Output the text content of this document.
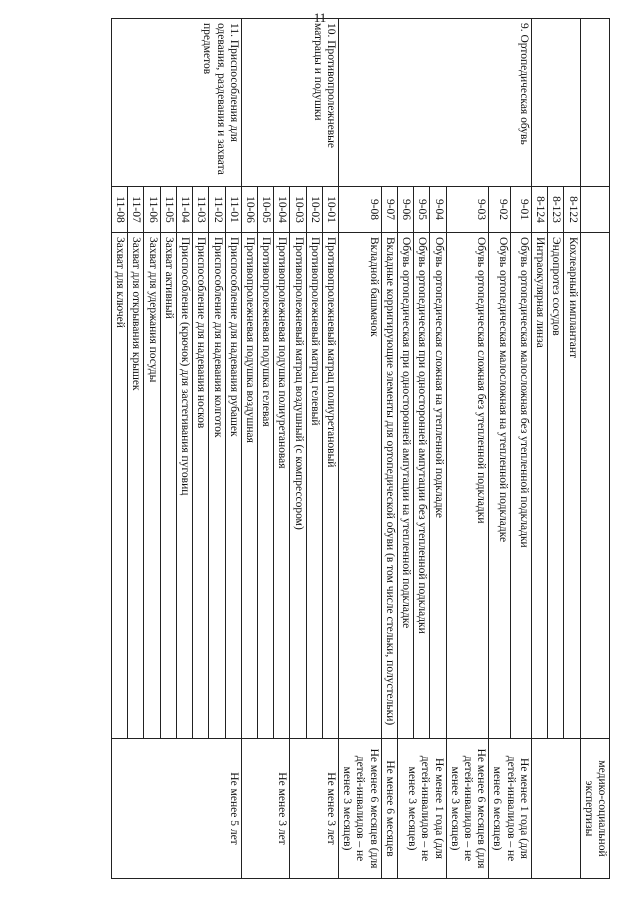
11
			медико-социальной экспертизы
	8-122	Кохлеарный имплантант	
	8-123	Эндопротез сосудов	
	8-124	Интраокулярная линза	
9. Ортопедическая обувь	9-01	Обувь ортопедическая малосложная без утепленной подкладки	Не менее 1 года (для детей-инвалидов – не менее 6 месяцев)
	9-02	Обувь ортопедическая малосложная на утепленной подкладке	
	9-03	Обувь ортопедическая сложная без утепленной подкладки	Не менее 6 месяцев (для детей-инвалидов – не менее 3 месяцев)
	9-04	Обувь ортопедическая сложная на утепленной подкладке	Не менее 1 года (для детей-инвалидов – не менее 3 месяцев)
	9-05	Обувь ортопедическая при односторонней ампутации без утепленной подкладки	
	9-06	Обувь ортопедическая при односторонней ампутации на утепленной подкладке	
	9-07	Вкладные корригирующие элементы для ортопедической обуви (в том числе стельки, полустельки)	Не менее 6 месяцев
	9-08	Вкладной башмачок	Не менее 6 месяцев (для детей-инвалидов – не менее 3 месяцев)
10. Противопролежневые матрацы и подушки	10-01	Противопролежневый матрац полиуретановый	Не менее 3 лет
	10-02	Противопролежневый матрац гелевый	
	10-03	Противопролежневый матрац воздушный (с компрессором)	
	10-04	Противопролежневая подушка полиуретановая	Не менее 3 лет
	10-05	Противопролежневая подушка гелевая	
	10-06	Противопролежневая подушка воздушная	
11. Приспособления для одевания, раздевания и захвата предметов	11-01	Приспособление для надевания рубашек	Не менее 5 лет
	11-02	Приспособление для надевания колготок	
	11-03	Приспособление для надевания носков	
	11-04	Приспособление (крючок) для застегивания пуговиц	
	11-05	Захват активный	
	11-06	Захват для удержания посуды	
	11-07	Захват для открывания крышек	
	11-08	Захват для ключей	
